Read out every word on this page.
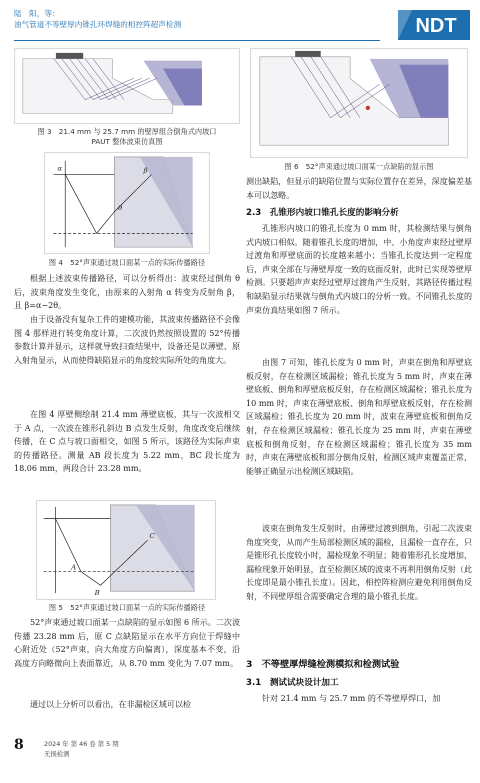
陆　阳，等：
油气管道不等壁厚内锥孔环焊缝的相控阵超声检测	NDT
图 3　21.4 mm 与 25.7 mm 的壁厚组合倒角式内坡口
PAUT 整体波束仿真图
α
θ
β
图 4　52°声束通过坡口面某一点的实际传播路径
根据上述波束传播路径，可以分析得出：波束经过倒角 θ 后，波束角度发生变化，由原来的入射角 α 转变为反射角 β，且 β=α−2θ。
由于设备没有复杂工件的建模功能，其波束传播路径不会像图 4 那样进行转变角度计算，二次波仍然按照设置的 52°传播参数计算并显示，这样就导致扫查结果中，设备还是以薄壁、原入射角显示，从而使得缺陷显示的角度较实际所处的角度大。
在图 4 厚壁侧绘制 21.4 mm 薄壁底板，其与一次波相交于 A 点，一次波在锥形孔斜边 B 点发生反射，角度改变后继续传播，在 C 点与坡口面相交，如图 5 所示，该路径为实际声束的传播路径。测量 AB 段长度为 5.22 mm，BC 段长度为 18.06 mm，两段合计 23.28 mm。
A
B
C
图 5　52°声束通过坡口面某一点的实际传播路径
52°声束通过坡口面某一点缺陷的显示如图 6 所示。二次波传播 23.28 mm 后，原 C 点缺陷显示在水平方向位于焊缝中心附近处（52°声束，向大角度方向偏离），深度基本不变，沿高度方向略微向上表面靠近，从 8.70 mm 变化为 7.07 mm。
通过以上分析可以看出，在非漏检区域可以检
图 6　52°声束通过坡口面某一点缺陷的显示图
测出缺陷，但显示的缺陷位置与实际位置存在差异，深度偏差基本可以忽略。
2.3　孔锥形内坡口锥孔长度的影响分析
孔锥形内坡口的锥孔长度为 0 mm 时，其检测结果与倒角式内坡口相似。随着锥孔长度的增加，中、小角度声束经过壁厚过渡角和厚壁底面的长度越来越小；当锥孔长度达到一定程度后，声束全部在与薄壁厚度一致的底面反射，此时已实现等壁厚检测。只要超声声束经过壁厚过渡角产生反射，其路径传播过程和缺陷显示结果就与倒角式内坡口的分析一致。不同锥孔长度的声束仿真结果如图 7 所示。
由图 7 可知，锥孔长度为 0 mm 时，声束在倒角和厚壁底板反射，存在检测区域漏检；锥孔长度为 5 mm 时，声束在薄壁底板、倒角和厚壁底板反射，存在检测区域漏检；锥孔长度为 10 mm 时，声束在薄壁底板、倒角和厚壁底板反射，存在检测区域漏检；锥孔长度为 20 mm 时，波束在薄壁底板和倒角反射，存在检测区域漏检；锥孔长度为 25 mm 时，声束在薄壁底板和倒角反射，存在检测区域漏检；锥孔长度为 35 mm 时，声束在薄壁底板和部分倒角反射，检测区域声束覆盖正常，能够正确显示出检测区域缺陷。
波束在倒角发生反射时，由薄壁过渡到倒角，引起二次波束角度突变，从而产生局部检测区域的漏检，且漏检一直存在，只是锥形孔长度较小时，漏检现象不明显；随着锥形孔长度增加，漏检现象开始明显，直至检测区域的波束不再利用倒角反射（此长度即是最小锥孔长度）。因此，相控阵检测应避免利用倒角反射，不同壁厚组合需要确定合理的最小锥孔长度。
3　不等壁厚焊缝检测模拟和检测试验
3.1　测试试块设计加工
针对 21.4 mm 与 25.7 mm 的不等壁厚焊口，加
8	2024 年 第 46 卷 第 5 期
无损检测
